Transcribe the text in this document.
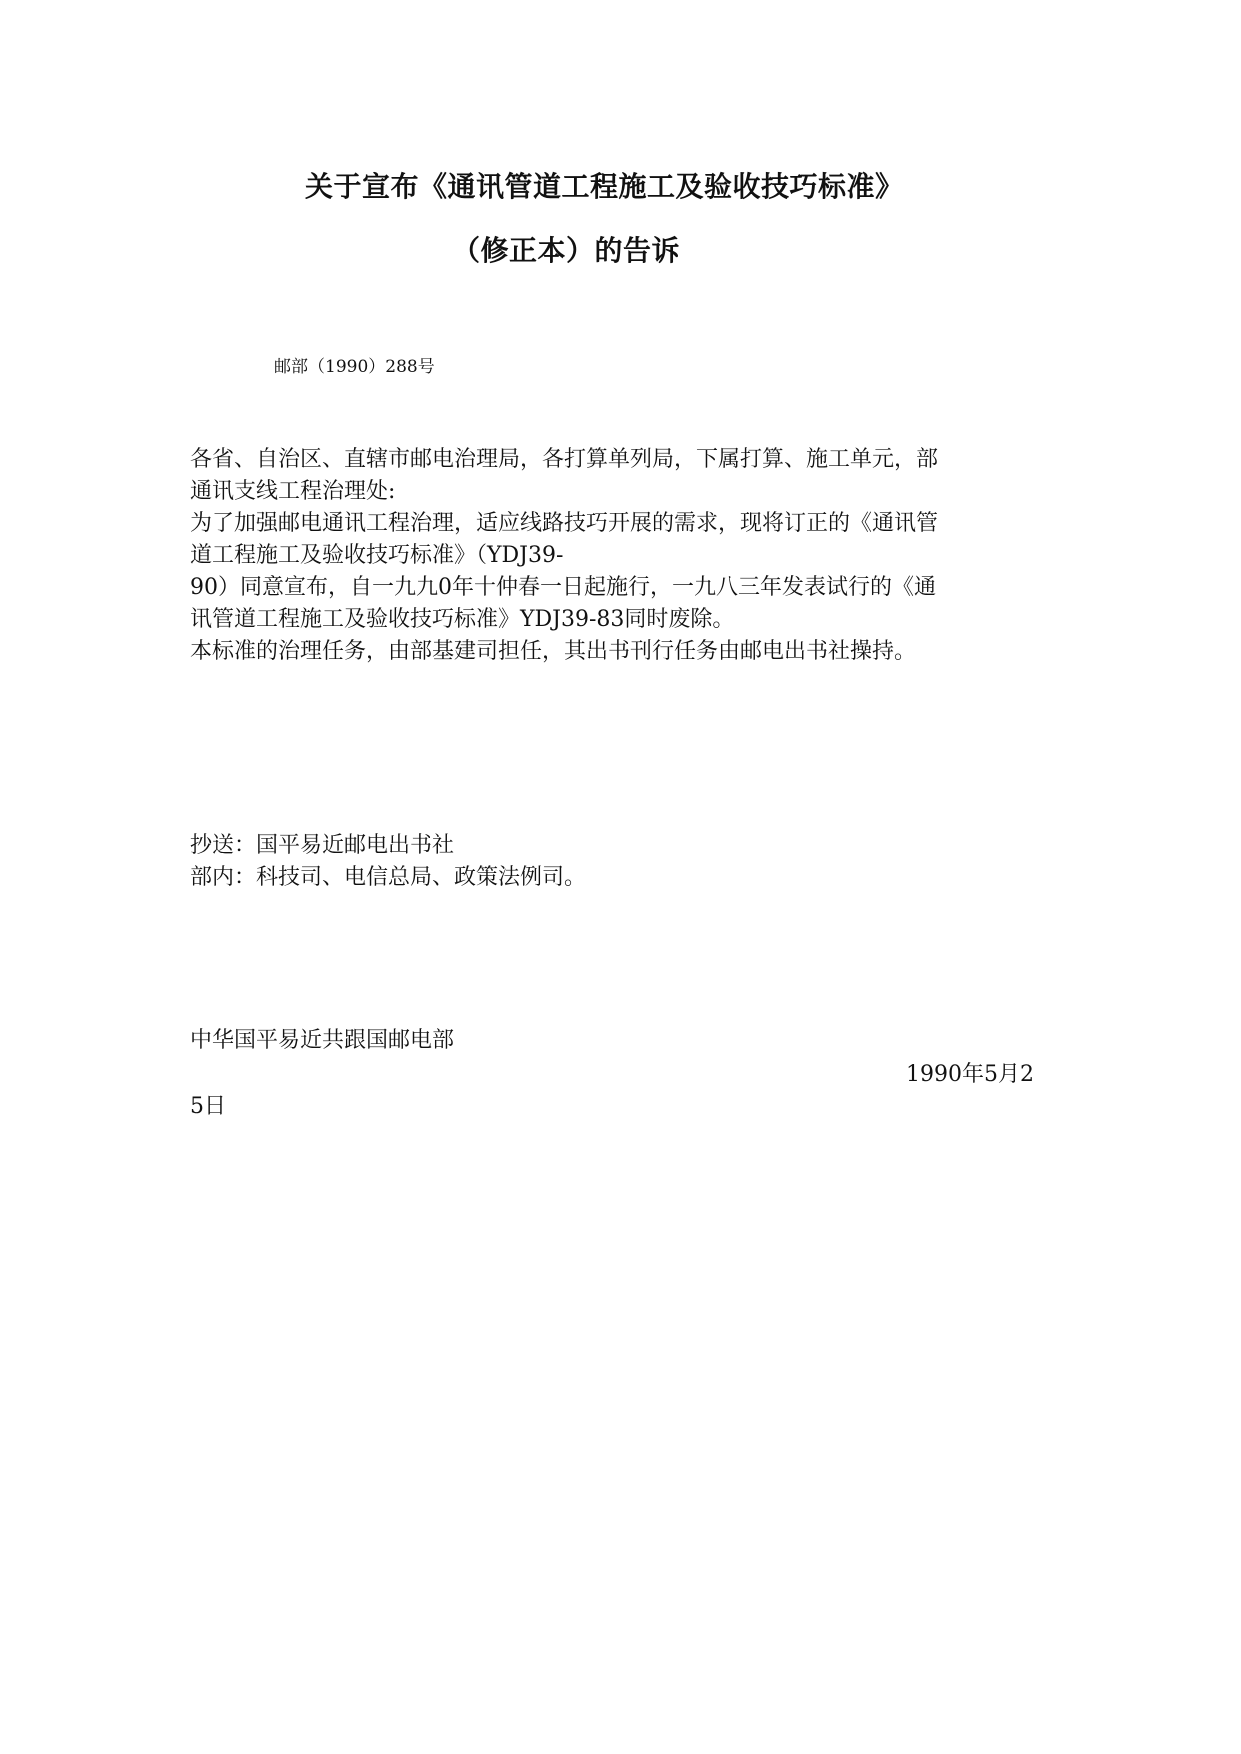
关于宣布《通讯管道工程施工及验收技巧标准》
（修正本）的告诉
邮部（1990）288号
各省、自治区、直辖市邮电治理局，各打算单列局，下属打算、施工单元，部
通讯支线工程治理处:
为了加强邮电通讯工程治理，适应线路技巧开展的需求，现将订正的《通讯管
道工程施工及验收技巧标准》（YDJ39-
90）同意宣布，自一九九0年十仲春一日起施行，一九八三年发表试行的《通
讯管道工程施工及验收技巧标准》YDJ39-83同时废除。
本标准的治理任务，由部基建司担任，其出书刊行任务由邮电出书社操持。
抄送：国平易近邮电出书社
部内：科技司、电信总局、政策法例司。
中华国平易近共跟国邮电部
1990年5月2
5日
